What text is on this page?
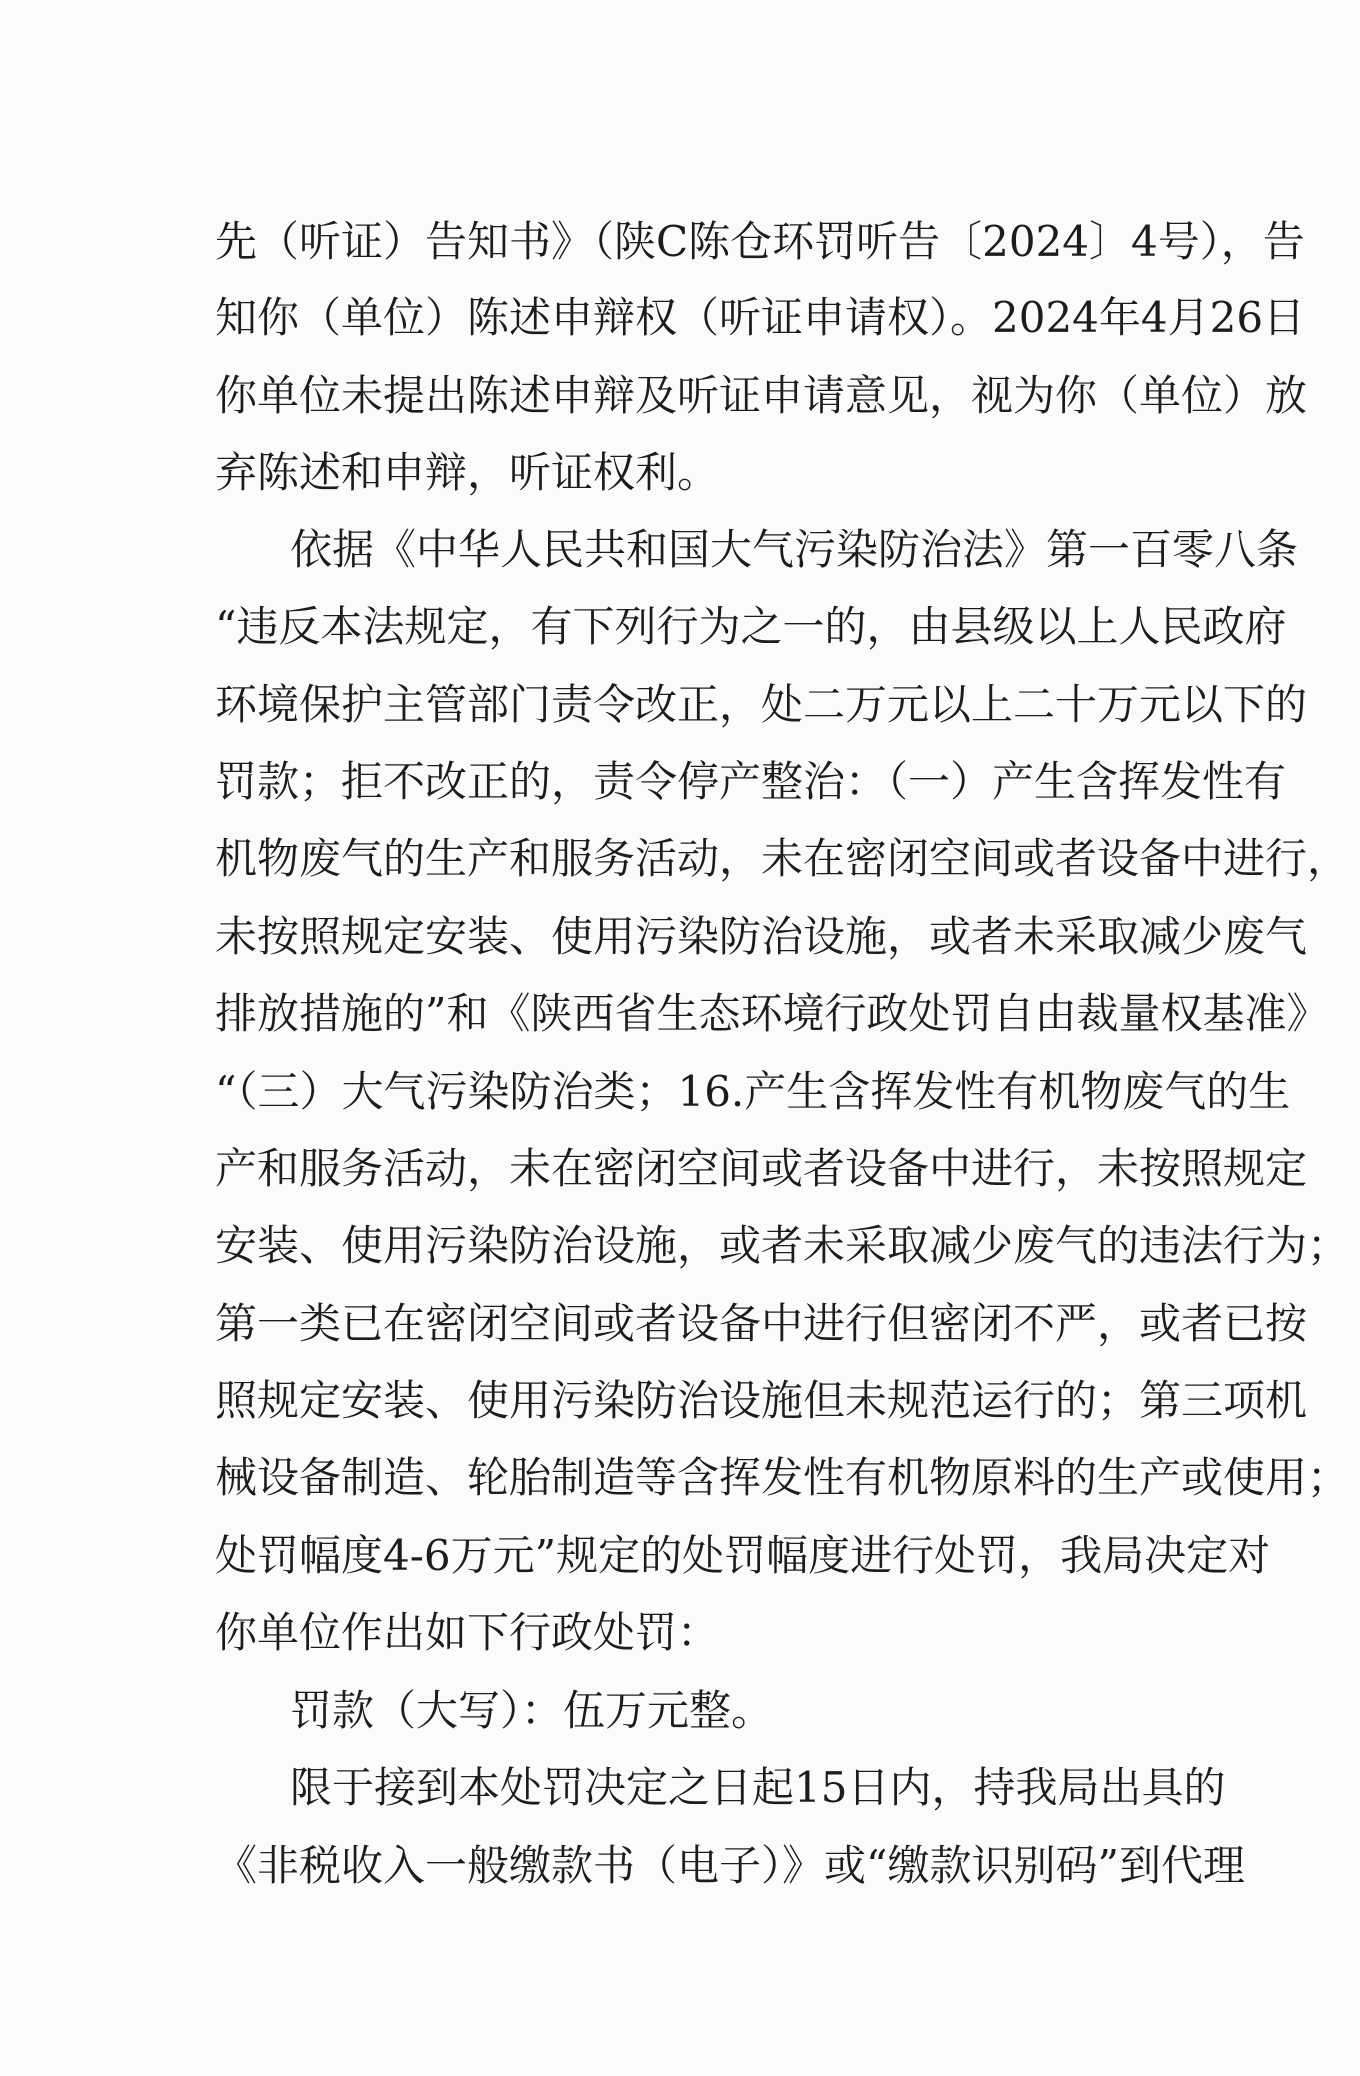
先（听证）告知书》（陕C陈仓环罚听告〔2024〕4号），告
知你（单位）陈述申辩权（听证申请权）。2024年4月26日
你单位未提出陈述申辩及听证申请意见，视为你（单位）放
弃陈述和申辩，听证权利。
依据《中华人民共和国大气污染防治法》第一百零八条
“违反本法规定，有下列行为之一的，由县级以上人民政府
环境保护主管部门责令改正，处二万元以上二十万元以下的
罚款；拒不改正的，责令停产整治：（一）产生含挥发性有
机物废气的生产和服务活动，未在密闭空间或者设备中进行，
未按照规定安装、使用污染防治设施，或者未采取减少废气
排放措施的”和《陕西省生态环境行政处罚自由裁量权基准》
“（三）大气污染防治类；16.产生含挥发性有机物废气的生
产和服务活动，未在密闭空间或者设备中进行，未按照规定
安装、使用污染防治设施，或者未采取减少废气的违法行为；
第一类已在密闭空间或者设备中进行但密闭不严，或者已按
照规定安装、使用污染防治设施但未规范运行的；第三项机
械设备制造、轮胎制造等含挥发性有机物原料的生产或使用；
处罚幅度4-6万元”规定的处罚幅度进行处罚，我局决定对
你单位作出如下行政处罚：
罚款（大写）：伍万元整。
限于接到本处罚决定之日起15日内，持我局出具的
《非税收入一般缴款书（电子）》或“缴款识别码”到代理
